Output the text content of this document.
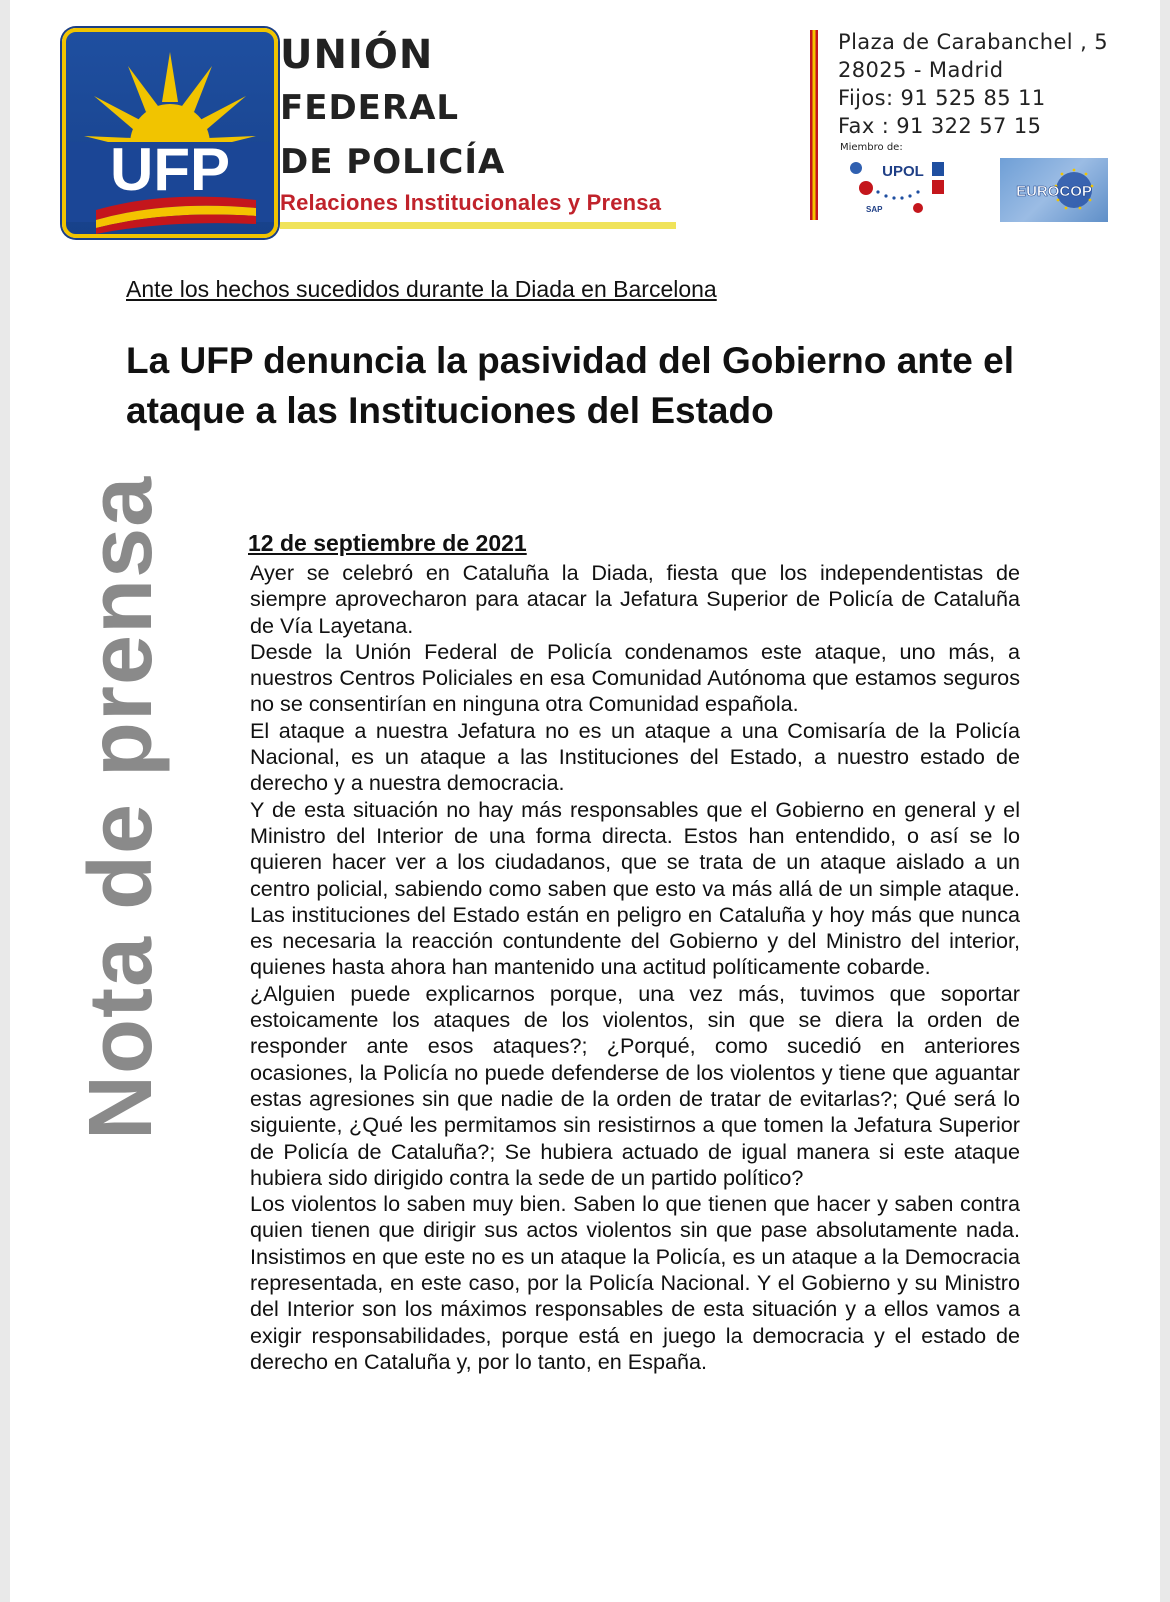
UFP
UNIÓN
FEDERAL
DE POLICÍA
Relaciones Institucionales y Prensa
Plaza de Carabanchel , 5
28025 - Madrid
Fijos: 91 525 85 11
Fax : 91 322 57 15
Miembro de:
UPOL
SAP
EUROCOP
Ante los hechos sucedidos durante la Diada en Barcelona
La UFP denuncia la pasividad del Gobierno ante el ataque a las Instituciones del Estado
Nota de prensa	12 de septiembre de 2021

Ayer se celebró en Cataluña la Diada, fiesta que los independentistas de siempre aprovecharon para atacar la Jefatura Superior de Policía de Cataluña de Vía Layetana.

Desde la Unión Federal de Policía condenamos este ataque, uno más, a nuestros Centros Policiales en esa Comunidad Autónoma que estamos seguros no se consentirían en ninguna otra Comunidad española.

El ataque a nuestra Jefatura no es un ataque a una Comisaría de la Policía Nacional, es un ataque a las Instituciones del Estado, a nuestro estado de derecho y a nuestra democracia.

Y de esta situación no hay más responsables que el Gobierno en general y el Ministro del Interior de una forma directa. Estos han entendido, o así se lo quieren hacer ver a los ciudadanos, que se trata de un ataque aislado a un centro policial, sabiendo como saben que esto va más allá de un simple ataque. Las instituciones del Estado están en peligro en Cataluña y hoy más que nunca es necesaria la reacción contundente del Gobierno y del Ministro del interior, quienes hasta ahora han mantenido una actitud políticamente cobarde.

¿Alguien puede explicarnos porque, una vez más, tuvimos que soportar estoicamente los ataques de los violentos, sin que se diera la orden de responder ante esos ataques?; ¿Porqué, como sucedió en anteriores ocasiones, la Policía no puede defenderse de los violentos y tiene que aguantar estas agresiones sin que nadie de la orden de tratar de evitarlas?; Qué será lo siguiente, ¿Qué les permitamos sin resistirnos a que tomen la Jefatura Superior de Policía de Cataluña?; Se hubiera actuado de igual manera si este ataque hubiera sido dirigido contra la sede de un partido político?

Los violentos lo saben muy bien. Saben lo que tienen que hacer y saben contra quien tienen que dirigir sus actos violentos sin que pase absolutamente nada. Insistimos en que este no es un ataque la Policía, es un ataque a la Democracia representada, en este caso, por la Policía Nacional. Y el Gobierno y su Ministro del Interior son los máximos responsables de esta situación y a ellos vamos a exigir responsabilidades, porque está en juego la democracia y el estado de derecho en Cataluña y, por lo tanto, en España.
